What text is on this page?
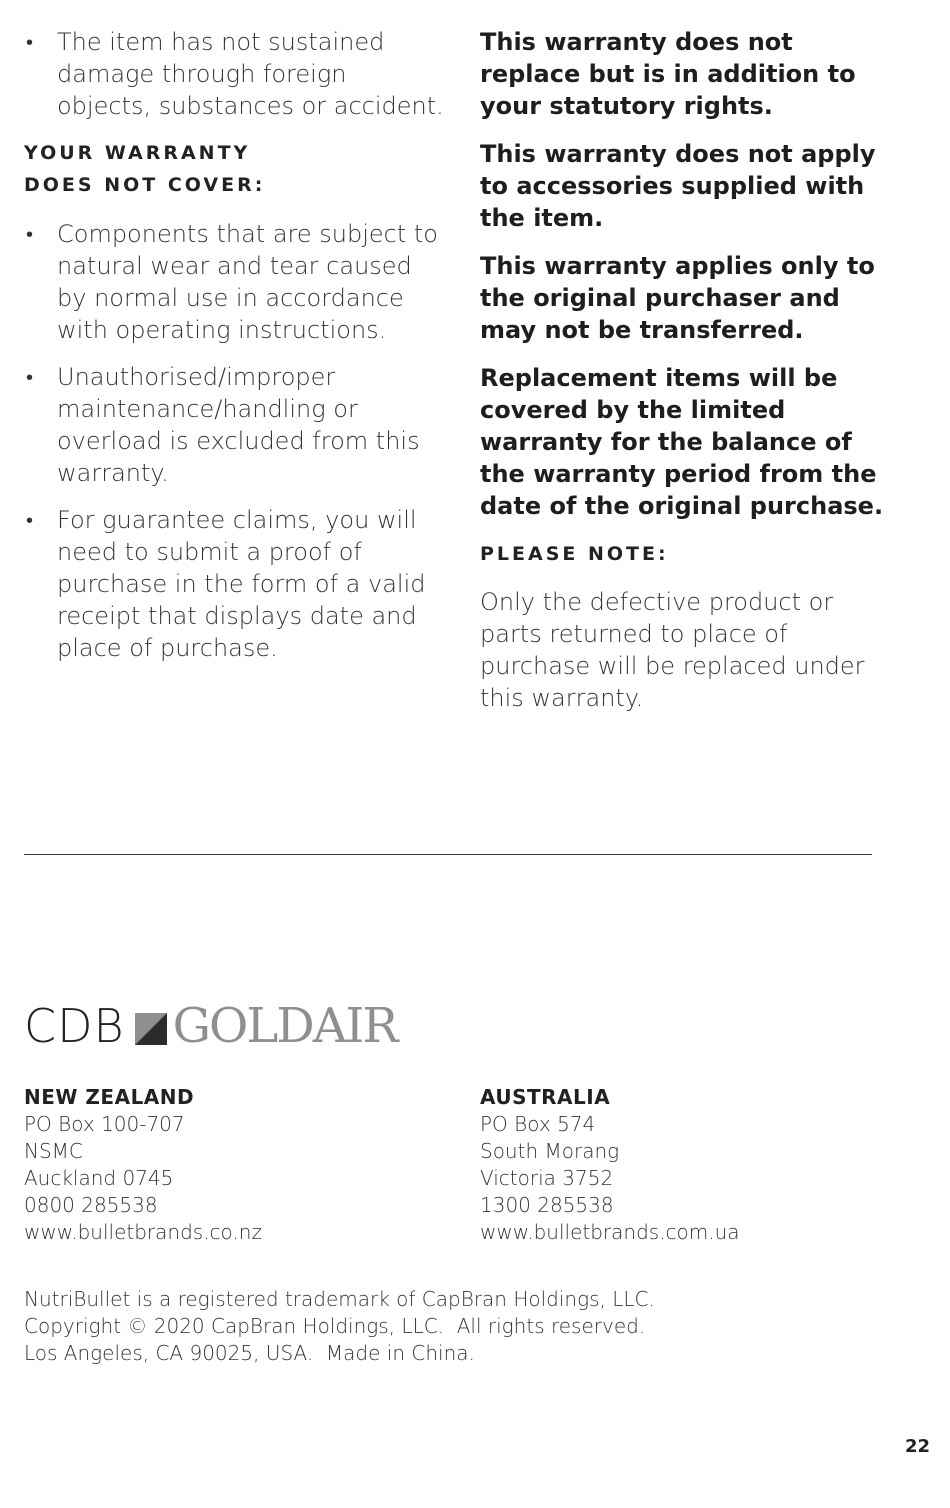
• The item has not sustained damage through foreign objects, substances or accident.
YOUR WARRANTY
DOES NOT COVER:
• Components that are subject to natural wear and tear caused by normal use in accordance with operating instructions.
• Unauthorised/improper maintenance/handling or overload is excluded from this warranty.
• For guarantee claims, you will need to submit a proof of purchase in the form of a valid receipt that displays date and place of purchase.

This warranty does not replace but is in addition to your statutory rights.

This warranty does not apply to accessories supplied with the item.

This warranty applies only to the original purchaser and may not be transferred.

Replacement items will be covered by the limited warranty for the balance of the warranty period from the date of the original purchase.

PLEASE NOTE:

Only the defective product or parts returned to place of purchase will be replaced under this warranty.

CDB GOLDAIR
NEW ZEALAND
PO Box 100-707
NSMC
Auckland 0745
0800 285538
www.bulletbrands.co.nz
AUSTRALIA
PO Box 574
South Morang
Victoria 3752
1300 285538
www.bulletbrands.com.ua
NutriBullet is a registered trademark of CapBran Holdings, LLC.
Copyright © 2020 CapBran Holdings, LLC.  All rights reserved.
Los Angeles, CA 90025, USA.  Made in China.
22
